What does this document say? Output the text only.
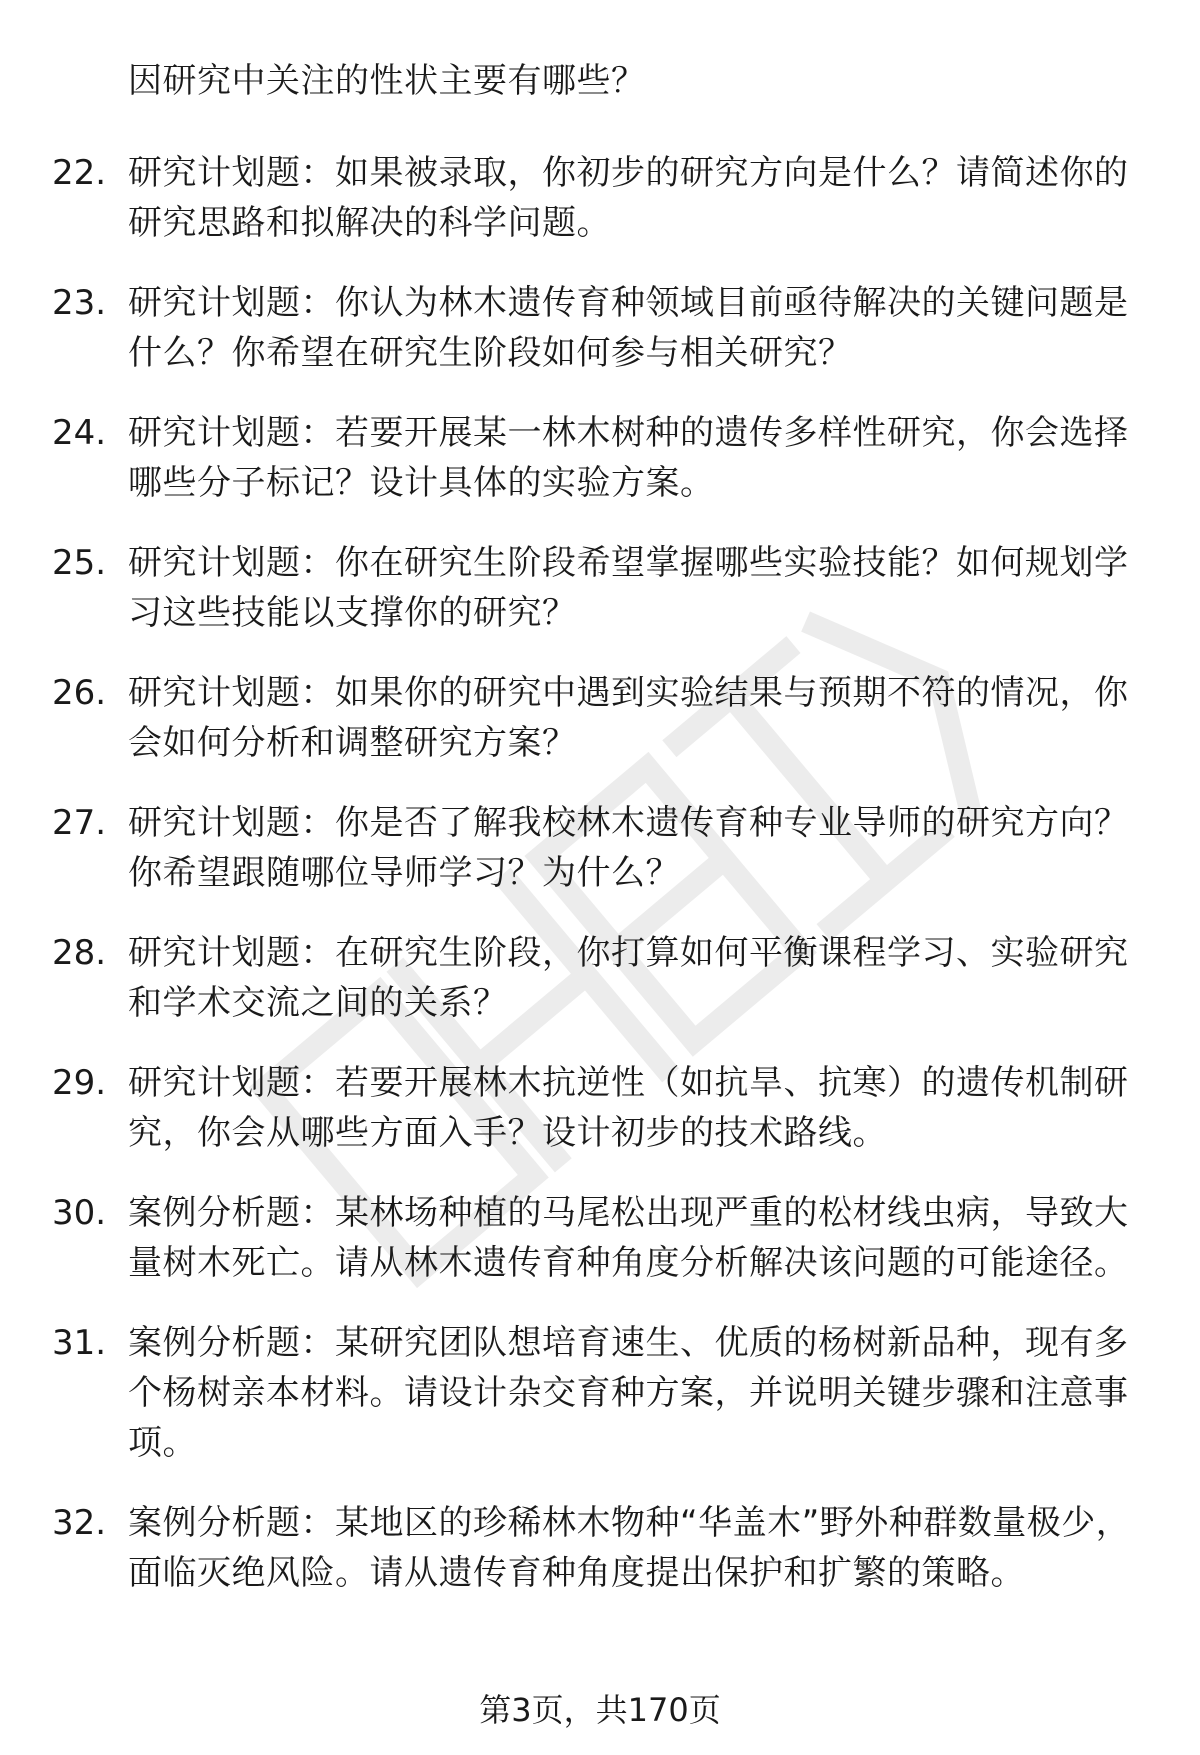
因研究中关注的性状主要有哪些？
22. 研究计划题：如果被录取，你初步的研究方向是什么？请简述你的研究思路和拟解决的科学问题。
23. 研究计划题：你认为林木遗传育种领域目前亟待解决的关键问题是什么？你希望在研究生阶段如何参与相关研究？
24. 研究计划题：若要开展某一林木树种的遗传多样性研究，你会选择哪些分子标记？设计具体的实验方案。
25. 研究计划题：你在研究生阶段希望掌握哪些实验技能？如何规划学习这些技能以支撑你的研究？
26. 研究计划题：如果你的研究中遇到实验结果与预期不符的情况，你会如何分析和调整研究方案？
27. 研究计划题：你是否了解我校林木遗传育种专业导师的研究方向？你希望跟随哪位导师学习？为什么？
28. 研究计划题：在研究生阶段，你打算如何平衡课程学习、实验研究和学术交流之间的关系？
29. 研究计划题：若要开展林木抗逆性（如抗旱、抗寒）的遗传机制研究，你会从哪些方面入手？设计初步的技术路线。
30. 案例分析题：某林场种植的马尾松出现严重的松材线虫病，导致大量树木死亡。请从林木遗传育种角度分析解决该问题的可能途径。
31. 案例分析题：某研究团队想培育速生、优质的杨树新品种，现有多个杨树亲本材料。请设计杂交育种方案，并说明关键步骤和注意事项。
32. 案例分析题：某地区的珍稀林木物种“华盖木”野外种群数量极少，面临灭绝风险。请从遗传育种角度提出保护和扩繁的策略。
第3页，共170页
